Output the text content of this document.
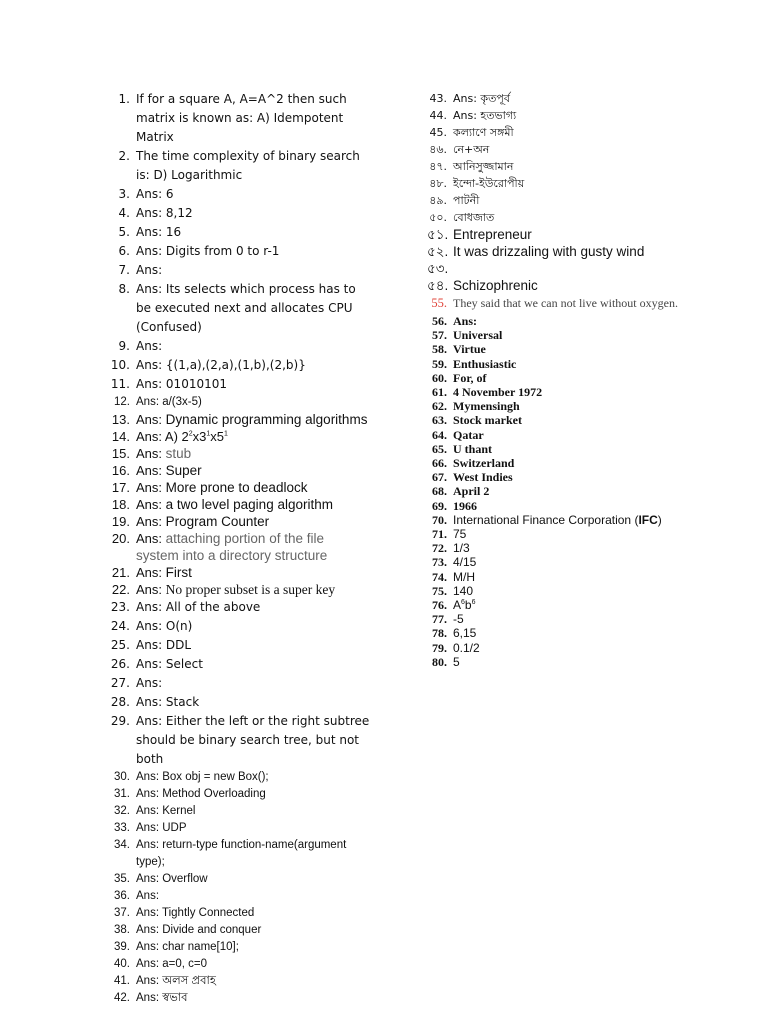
1. If for a square A, A=A^2 then such matrix is known as: A) Idempotent Matrix
2. The time complexity of binary search is: D) Logarithmic
3. Ans: 6
4. Ans: 8,12
5. Ans: 16
6. Ans: Digits from 0 to r-1
7. Ans:
8. Ans: Its selects which process has to be executed next and allocates CPU (Confused)
9. Ans:
10. Ans: {(1,a),(2,a),(1,b),(2,b)}
11. Ans: 01010101
12. Ans: a/(3x-5)
13. Ans: Dynamic programming algorithms
14. Ans: A) $2^2x3^1x5^1$
15. Ans: stub
16. Ans: Super
17. Ans: More prone to deadlock
18. Ans: a two level paging algorithm
19. Ans: Program Counter
20. Ans: attaching portion of the file system into a directory structure
21. Ans: First
22. Ans: No proper subset is a super key
23. Ans: All of the above
24. Ans: O(n)
25. Ans: DDL
26. Ans: Select
27. Ans:
28. Ans: Stack
29. Ans: Either the left or the right subtree should be binary search tree, but not both
30. Ans: Box obj = new Box();
31. Ans: Method Overloading
32. Ans: Kernel
33. Ans: UDP
34. Ans: return-type function-name(argument type);
35. Ans: Overflow
36. Ans:
37. Ans: Tightly Connected
38. Ans: Divide and conquer
39. Ans: char name[10];
40. Ans: a=0, c=0
41. Ans: অলস প্রবাহ
42. Ans: স্বভাব
43. Ans: কৃতপূর্ব
44. Ans: হতভাগ্য
45. কল্যাণে সঙ্গমী
৪৬. নে+অন
৪৭. আনিসুজ্জামান
৪৮. ইন্দো-ইউরোপীয়
৪৯. পাটনী
৫০. বোধজাত
৫১. Entrepreneur
৫২. It was drizzaling with gusty wind
৫৩.
৫৪. Schizophrenic
55. They said that we can not live without oxygen.
56. Ans:
57. Universal
58. Virtue
59. Enthusiastic
60. For, of
61. 4 November 1972
62. Mymensingh
63. Stock market
64. Qatar
65. U thant
66. Switzerland
67. West Indies
68. April 2
69. 1966
70. International Finance Corporation (IFC)
71. 75
72. 1/3
73. 4/15
74. M/H
75. 140
76. $A^6b^6$
77. -5
78. 6,15
79. 0.1/2
80. 5
